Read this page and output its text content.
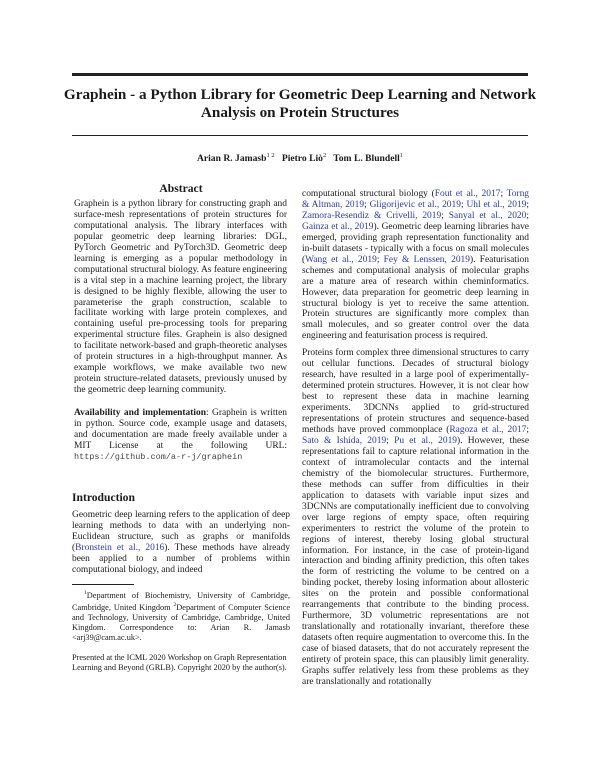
Graphein - a Python Library for Geometric Deep Learning and Network Analysis on Protein Structures
Arian R. Jamasb$^{1 2}$ Pietro Liò$^2$ Tom L. Blundell$^1$
Abstract

Graphein is a python library for constructing graph and surface-mesh representations of protein structures for computational analysis. The library interfaces with popular geometric deep learning libraries: DGL, PyTorch Geometric and PyTorch3D. Geometric deep learning is emerging as a popular methodology in computational structural biology. As feature engineering is a vital step in a machine learning project, the library is designed to be highly flexible, allowing the user to parameterise the graph construction, scalable to facilitate working with large protein complexes, and containing useful pre-processing tools for preparing experimental structure files. Graphein is also designed to facilitate network-based and graph-theoretic analyses of protein structures in a high-throughput manner. As example workflows, we make available two new protein structure-related datasets, previously unused by the geometric deep learning community.

Availability and implementation: Graphein is written in python. Source code, example usage and datasets, and documentation are made freely available under a MIT License at the following URL: https://github.com/a-r-j/graphein

Introduction

Geometric deep learning refers to the application of deep learning methods to data with an underlying non-Euclidean structure, such as graphs or manifolds (Bronstein et al., 2016). These methods have already been applied to a number of problems within computational biology, and indeed

$^1$Department of Biochemistry, University of Cambridge, Cambridge, United Kingdom $^2$Department of Computer Science and Technology, University of Cambridge, Cambridge, United Kingdom. Correspondence to: Arian R. Jamasb <arj39@cam.ac.uk>.

Presented at the ICML 2020 Workshop on Graph Representation Learning and Beyond (GRLB). Copyright 2020 by the author(s).

computational structural biology (Fout et al., 2017; Torng & Altman, 2019; Gligorijevic et al., 2019; Uhl et al., 2019; Zamora-Resendiz & Crivelli, 2019; Sanyal et al., 2020; Gainza et al., 2019). Geometric deep learning libraries have emerged, providing graph representation functionality and in-built datasets - typically with a focus on small molecules (Wang et al., 2019; Fey & Lenssen, 2019). Featurisation schemes and computational analysis of molecular graphs are a mature area of research within cheminformatics. However, data preparation for geometric deep learning in structural biology is yet to receive the same attention. Protein structures are significantly more complex than small molecules, and so greater control over the data engineering and featurisation process is required.

Proteins form complex three dimensional structures to carry out cellular functions. Decades of structural biology research, have resulted in a large pool of experimentally-determined protein structures. However, it is not clear how best to represent these data in machine learning experiments. 3DCNNs applied to grid-structured representations of protein structures and sequence-based methods have proved commonplace (Ragoza et al., 2017; Sato & Ishida, 2019; Pu et al., 2019). However, these representations fail to capture relational information in the context of intramolecular contacts and the internal chemistry of the biomolecular structures. Furthermore, these methods can suffer from difficulties in their application to datasets with variable input sizes and 3DCNNs are computationally inefficient due to convolving over large regions of empty space, often requiring experimenters to restrict the volume of the protein to regions of interest, thereby losing global structural information. For instance, in the case of protein-ligand interaction and binding affinity prediction, this often takes the form of restricting the volume to be centred on a binding pocket, thereby losing information about allosteric sites on the protein and possible conformational rearrangements that contribute to the binding process. Furthermore, 3D volumetric representations are not translationally and rotationally invariant, therefore these datasets often require augmentation to overcome this. In the case of biased datasets, that do not accurately represent the entirety of protein space, this can plausibly limit generality. Graphs suffer relatively less from these problems as they are translationally and rotationally
